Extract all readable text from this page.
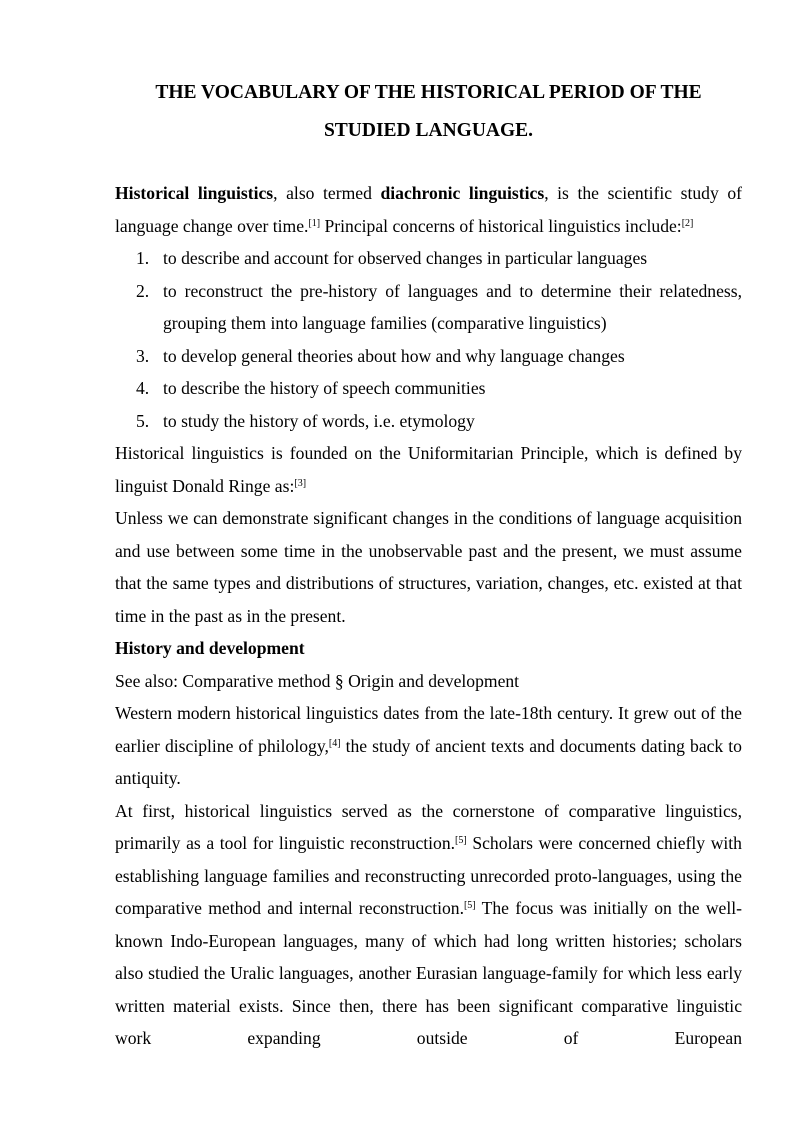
THE VOCABULARY OF THE HISTORICAL PERIOD OF THE
STUDIED LANGUAGE.

Historical linguistics, also termed diachronic linguistics, is the scientific study of language change over time.[1] Principal concerns of historical linguistics include:[2]

1. to describe and account for observed changes in particular languages
2. to reconstruct the pre-history of languages and to determine their relatedness, grouping them into language families (comparative linguistics)
3. to develop general theories about how and why language changes
4. to describe the history of speech communities
5. to study the history of words, i.e. etymology

Historical linguistics is founded on the Uniformitarian Principle, which is defined by linguist Donald Ringe as:[3]

Unless we can demonstrate significant changes in the conditions of language acquisition and use between some time in the unobservable past and the present, we must assume that the same types and distributions of structures, variation, changes, etc. existed at that time in the past as in the present.

History and development

See also: Comparative method § Origin and development

Western modern historical linguistics dates from the late-18th century. It grew out of the earlier discipline of philology,[4] the study of ancient texts and documents dating back to antiquity.

At first, historical linguistics served as the cornerstone of comparative linguistics, primarily as a tool for linguistic reconstruction.[5] Scholars were concerned chiefly with establishing language families and reconstructing unrecorded proto-languages, using the comparative method and internal reconstruction.[5] The focus was initially on the well-known Indo-European languages, many of which had long written histories; scholars also studied the Uralic languages, another Eurasian language-family for which less early written material exists. Since then, there has been significant comparative linguistic work expanding outside of European
